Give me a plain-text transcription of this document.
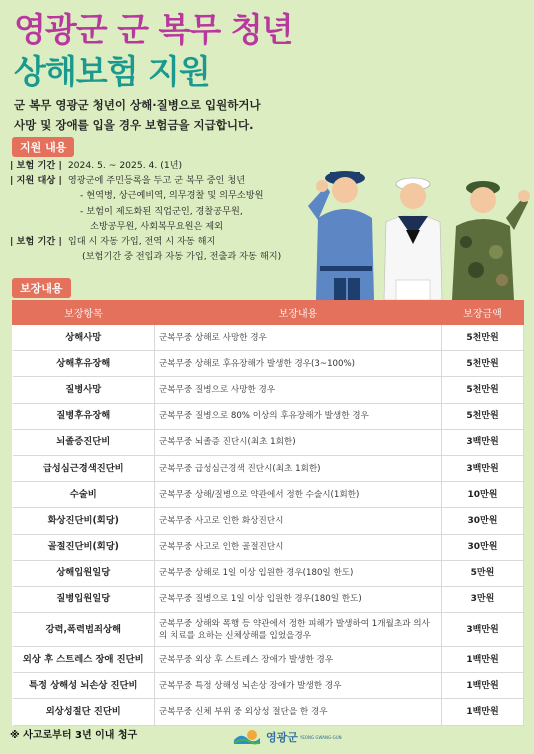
영광군 군 복무 청년
상해보험 지원
군 복무 영광군 청년이 상해·질병으로 입원하거나
사망 및 장애를 입을 경우 보험금을 지급합니다.
지원 내용
| 보험 기간 | 2024. 5. ~ 2025. 4. (1년)
| 지원 대상 | 영광군에 주민등록을 두고 군 복무 중인 청년
- 현역병, 상근예비역, 의무경찰 및 의무소방원
- 보험이 제도화된 직업군인, 경찰공무원,
소방공무원, 사회복무요원은 제외
| 보험 기간 | 입대 시 자동 가입, 전역 시 자동 해지
(보험기간 중 전입과 자동 가입, 전출과 자동 해지)
보장내용
보장항목	보장내용	보장금액
상해사망	군복무중 상해로 사망한 경우	5천만원
상해후유장해	군복무중 상해로 후유장해가 발생한 경우(3~100%)	5천만원
질병사망	군복무중 질병으로 사망한 경우	5천만원
질병후유장해	군복무중 질병으로 80% 이상의 후유장해가 발생한 경우	5천만원
뇌졸증진단비	군복무중 뇌졸증 진단시(최초 1회한)	3백만원
급성심근경색진단비	군복무중 급성심근경색 진단시(최초 1회한)	3백만원
수술비	군복무중 상해/질병으로 약관에서 정한 수술시(1회한)	10만원
화상진단비(회당)	군복무중 사고로 인한 화상진단시	30만원
골절진단비(회당)	군복무중 사고로 인한 골절진단시	30만원
상해입원일당	군복무중 상해로 1일 이상 입원한 경우(180일 한도)	5만원
질병입원일당	군복무중 질병으로 1일 이상 입원한 경우(180일 한도)	3만원
강력,폭력범죄상해	군복무중 상해와 폭행 등 약관에서 정한 피해가 발생하여 1개월초과 의사의 치료를 요하는 신체상해를 입었을경우	3백만원
외상 후 스트레스 장애 진단비	군복무중 외상 후 스트레스 장애가 발생한 경우	1백만원
특정 상해성 뇌손상 진단비	군복무중 특정 상해성 뇌손상 장애가 발생한 경우	1백만원
외상성절단 진단비	군복무중 신체 부위 중 외상성 절단을 한 경우	1백만원
※ 사고로부터 3년 이내 청구	영광군 YEONG GWANG-GUN
